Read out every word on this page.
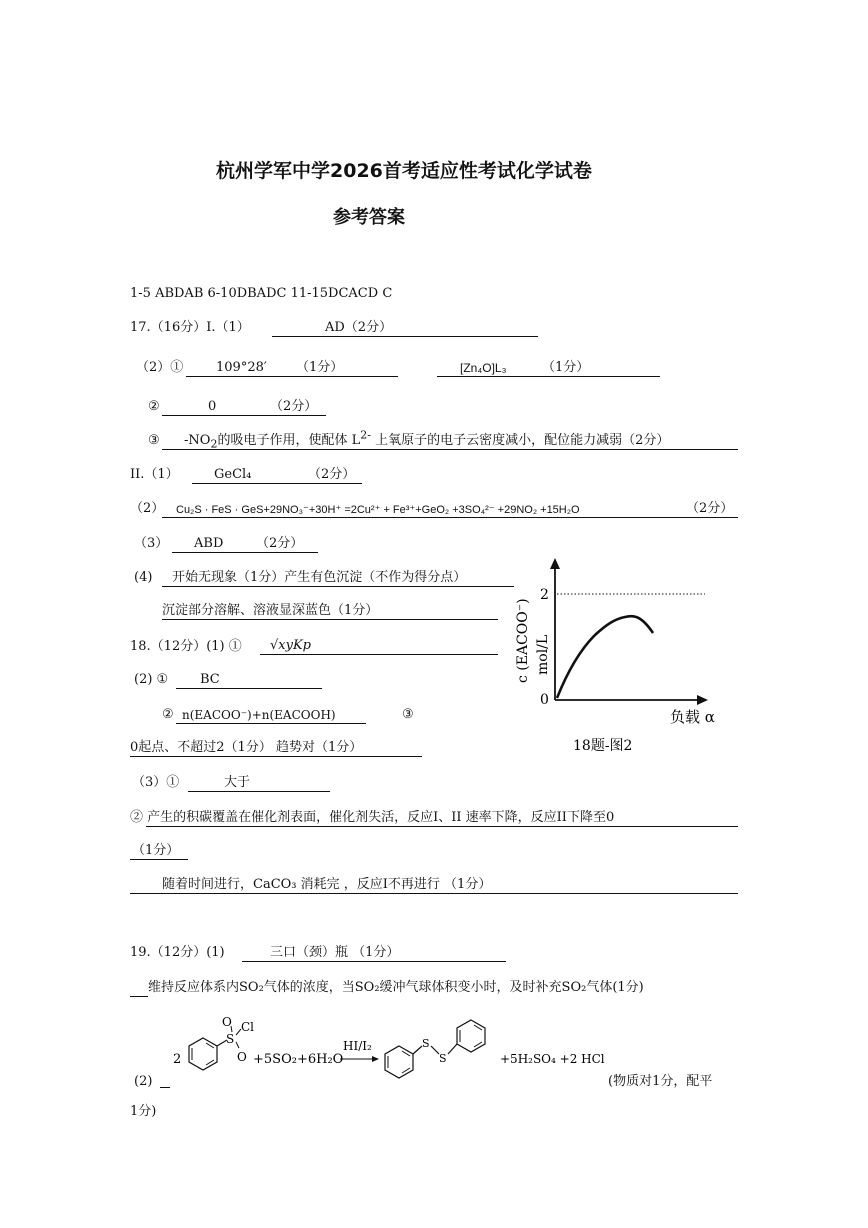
杭州学军中学2026首考适应性考试化学试卷
参考答案
1-5 ABDAB 6-10DBADC 11-15DCACD C
17.（16分）I.（1）	AD（2分）
（2）①	109°28′ （1分）	[Zn₄O]L₃	（1分）
②	0	（2分）
③ $-NO_2$的吸电子作用，使配体 $L^{2-}$ 上氧原子的电子云密度减小，配位能力减弱（2分）
II.（1）	GeCl₄	（2分）
（2） Cu₂S · FeS · GeS+29NO₃⁻+30H⁺ =2Cu²⁺ + Fe³⁺+GeO₂ +3SO₄²⁻ +29NO₂ +15H₂O	（2分）
（3） ABD	（2分）
(4) 开始无现象（1分）产生有色沉淀（不作为得分点）
沉淀部分溶解、溶液显深蓝色（1分）
18.（12分）(1) ① √xyKp
(2) ① BC
② n(EACOO⁻)+n(EACOOH)	③
0起点、不超过2（1分） 趋势对（1分）
（3）①	大于
② 产生的积碳覆盖在催化剂表面，催化剂失活，反应I、II 速率下降，反应II下降至0
（1分）
随着时间进行，CaCO₃ 消耗完 ，反应I不再进行 （1分）
2
0
c (EACOO⁻) mol/L
负载 α
18题-图2
19.（12分）(1)	三口（颈）瓶 （1分）
维持反应体系内SO₂气体的浓度，当SO₂缓冲气球体积变小时，及时补充SO₂气体(1分)
2
S
O
O
Cl
+5SO₂+6H₂O
HI/I₂	S
S	+5H₂SO₄ +2 HCl
(2)	(物质对1分，配平
1分)
